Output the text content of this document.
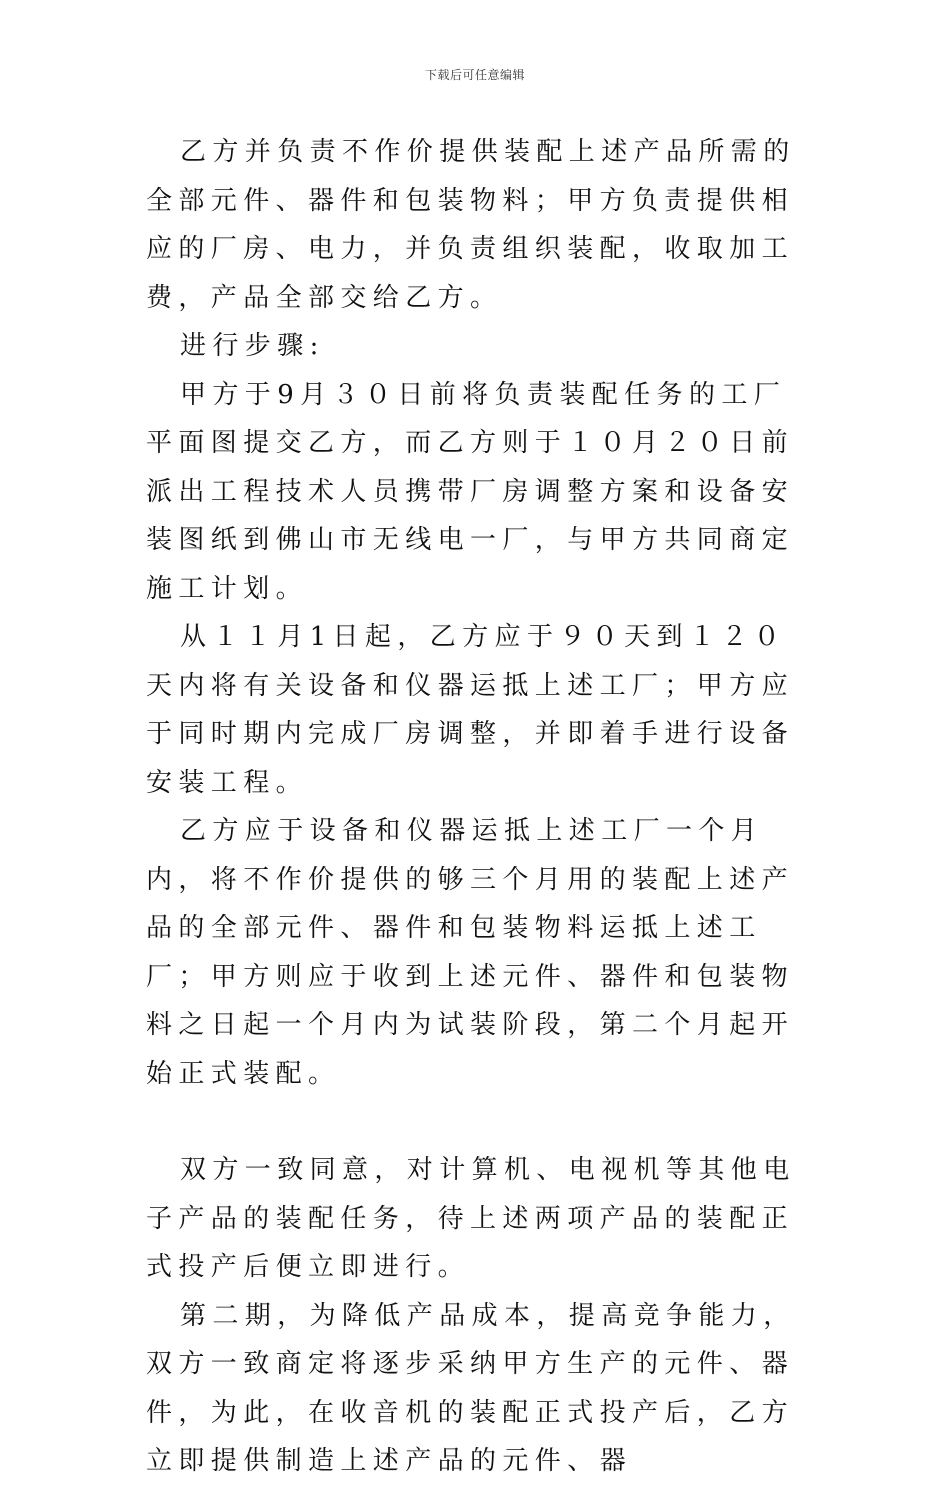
下载后可任意编辑

乙方并负责不作价提供装配上述产品所需的全部元件、器件和包装物料；甲方负责提供相应的厂房、电力，并负责组织装配，收取加工费，产品全部交给乙方。

进行步骤:

甲方于9月３０日前将负责装配任务的工厂平面图提交乙方，而乙方则于１０月２０日前派出工程技术人员携带厂房调整方案和设备安装图纸到佛山市无线电一厂，与甲方共同商定施工计划。

从１１月1日起，乙方应于９０天到１２０天内将有关设备和仪器运抵上述工厂；甲方应于同时期内完成厂房调整，并即着手进行设备安装工程。

乙方应于设备和仪器运抵上述工厂一个月内，将不作价提供的够三个月用的装配上述产品的全部元件、器件和包装物料运抵上述工厂；甲方则应于收到上述元件、器件和包装物料之日起一个月内为试装阶段，第二个月起开始正式装配。

双方一致同意，对计算机、电视机等其他电子产品的装配任务，待上述两项产品的装配正式投产后便立即进行。

第二期，为降低产品成本，提高竞争能力，双方一致商定将逐步采纳甲方生产的元件、器件，为此，在收音机的装配正式投产后，乙方立即提供制造上述产品的元件、器
